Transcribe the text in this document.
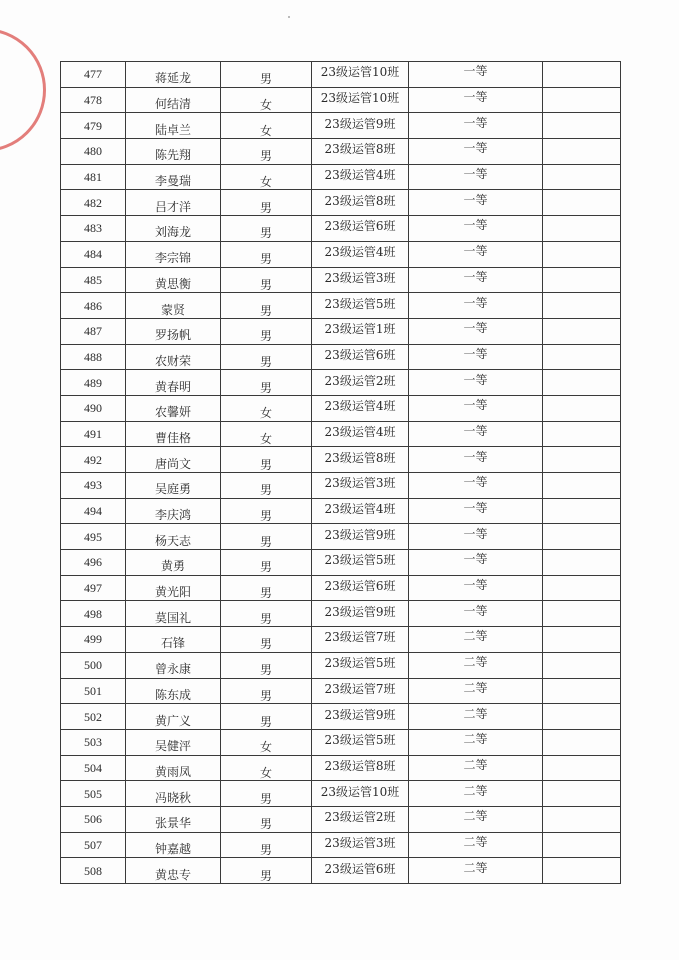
477	蒋延龙	男	23级运管10班	一等	
478	何结清	女	23级运管10班	一等	
479	陆卓兰	女	23级运管9班	一等	
480	陈先翔	男	23级运管8班	一等	
481	李曼瑞	女	23级运管4班	一等	
482	吕才洋	男	23级运管8班	一等	
483	刘海龙	男	23级运管6班	一等	
484	李宗锦	男	23级运管4班	一等	
485	黄思衡	男	23级运管3班	一等	
486	蒙贤	男	23级运管5班	一等	
487	罗扬帆	男	23级运管1班	一等	
488	农财荣	男	23级运管6班	一等	
489	黄春明	男	23级运管2班	一等	
490	农馨妍	女	23级运管4班	一等	
491	曹佳格	女	23级运管4班	一等	
492	唐尚文	男	23级运管8班	一等	
493	吴庭勇	男	23级运管3班	一等	
494	李庆鸿	男	23级运管4班	一等	
495	杨天志	男	23级运管9班	一等	
496	黄勇	男	23级运管5班	一等	
497	黄光阳	男	23级运管6班	一等	
498	莫国礼	男	23级运管9班	一等	
499	石锋	男	23级运管7班	二等	
500	曾永康	男	23级运管5班	二等	
501	陈东成	男	23级运管7班	二等	
502	黄广义	男	23级运管9班	二等	
503	吴健泙	女	23级运管5班	二等	
504	黄雨凤	女	23级运管8班	二等	
505	冯晓秋	男	23级运管10班	二等	
506	张景华	男	23级运管2班	二等	
507	钟嘉越	男	23级运管3班	二等	
508	黄忠专	男	23级运管6班	二等	
